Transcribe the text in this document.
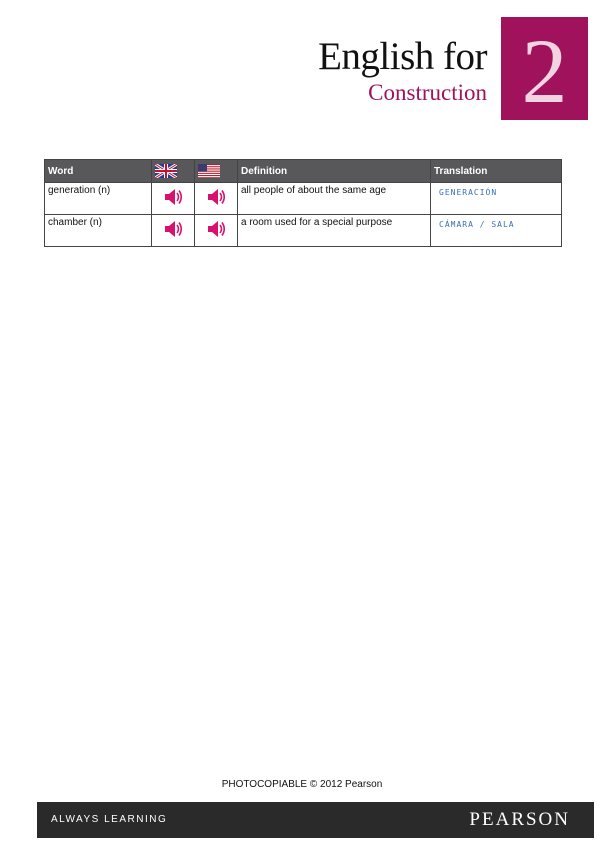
English for
Construction 2
Word			Definition	Translation
generation (n)			all people of about the same age	GENERACIÓN
chamber (n)			a room used for a special purpose	CÁMARA / SALA
PHOTOCOPIABLE © 2012 Pearson
ALWAYS LEARNING	PEARSON
